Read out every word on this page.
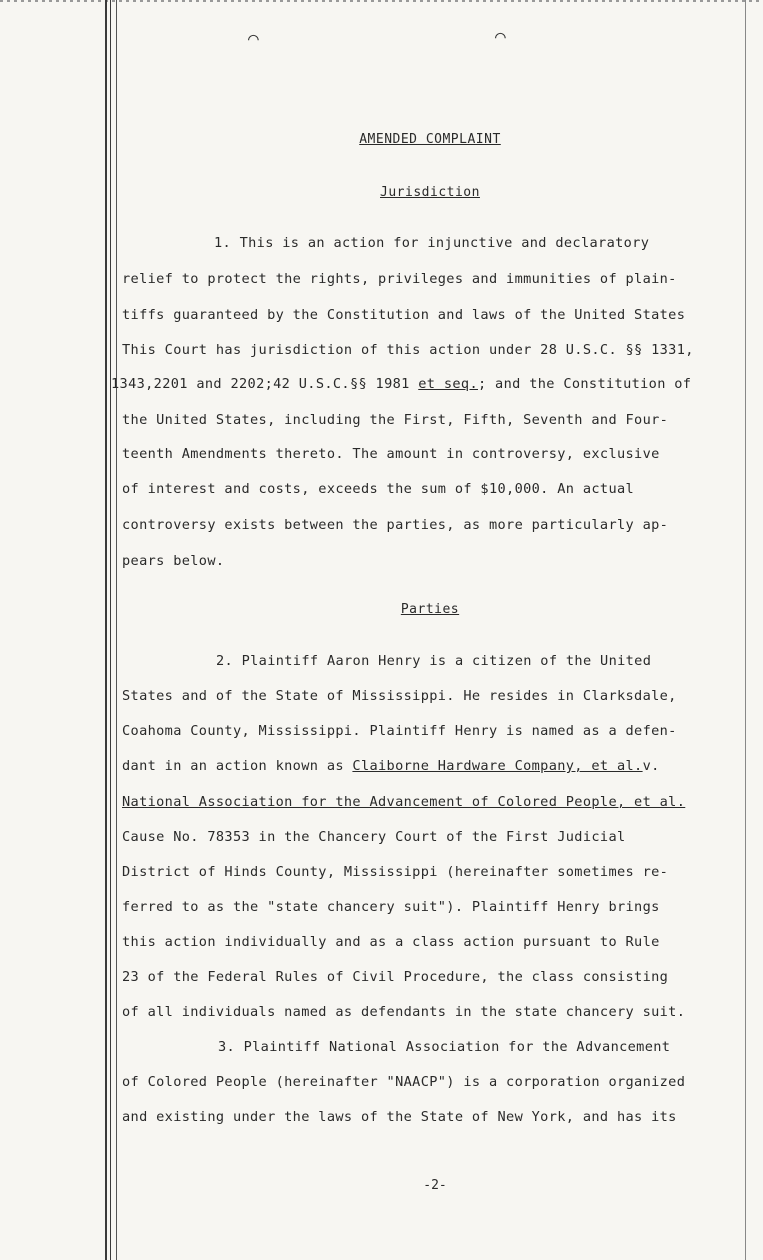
⌒	⌒
AMENDED COMPLAINT
Jurisdiction
1. This is an action for injunctive and declaratory
relief to protect the rights, privileges and immunities of plain-
tiffs guaranteed by the Constitution and laws of the United States
This Court has jurisdiction of this action under 28 U.S.C. §§ 1331,
1343,2201 and 2202;42 U.S.C.§§ 1981 et seq.; and the Constitution of
the United States, including the First, Fifth, Seventh and Four-
teenth Amendments thereto. The amount in controversy, exclusive
of interest and costs, exceeds the sum of $10,000. An actual
controversy exists between the parties, as more particularly ap-
pears below.
Parties
2. Plaintiff Aaron Henry is a citizen of the United
States and of the State of Mississippi. He resides in Clarksdale,
Coahoma County, Mississippi. Plaintiff Henry is named as a defen-
dant in an action known as Claiborne Hardware Company, et al.v.
National Association for the Advancement of Colored People, et al.
Cause No. 78353 in the Chancery Court of the First Judicial
District of Hinds County, Mississippi (hereinafter sometimes re-
ferred to as the "state chancery suit"). Plaintiff Henry brings
this action individually and as a class action pursuant to Rule
23 of the Federal Rules of Civil Procedure, the class consisting
of all individuals named as defendants in the state chancery suit.
3. Plaintiff National Association for the Advancement
of Colored People (hereinafter "NAACP") is a corporation organized
and existing under the laws of the State of New York, and has its
-2-
